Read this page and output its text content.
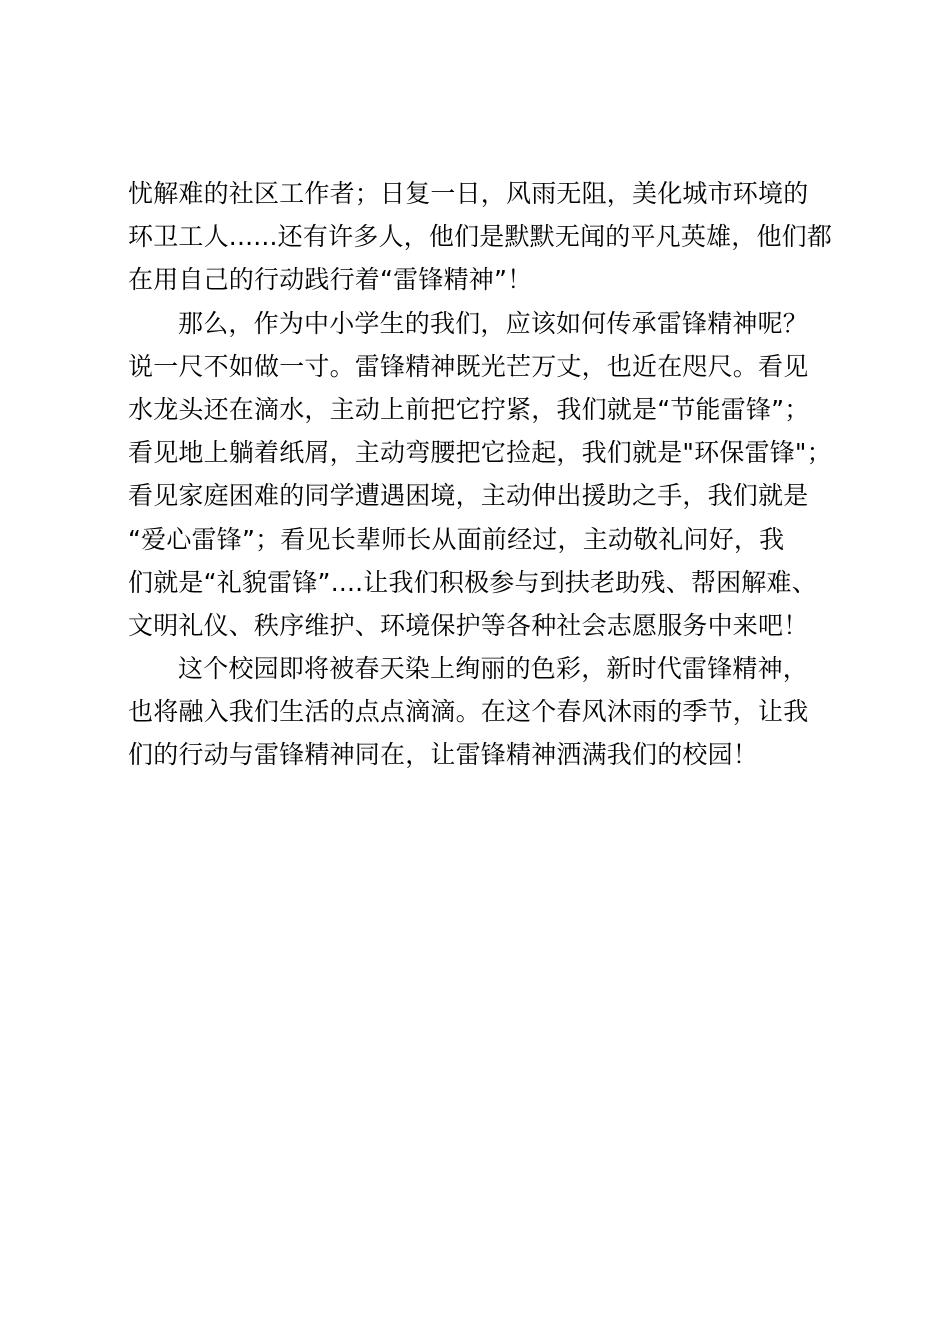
忧解难的社区工作者；日复一日，风雨无阻，美化城市环境的
环卫工人......还有许多人，他们是默默无闻的平凡英雄，他们都
在用自己的行动践行着“雷锋精神”！
那么，作为中小学生的我们，应该如何传承雷锋精神呢？
说一尺不如做一寸。雷锋精神既光芒万丈，也近在咫尺。看见
水龙头还在滴水，主动上前把它拧紧，我们就是“节能雷锋”；
看见地上躺着纸屑，主动弯腰把它捡起，我们就是"环保雷锋"；
看见家庭困难的同学遭遇困境，主动伸出援助之手，我们就是
“爱心雷锋”；看见长辈师长从面前经过，主动敬礼问好，我
们就是“礼貌雷锋”....让我们积极参与到扶老助残、帮困解难、
文明礼仪、秩序维护、环境保护等各种社会志愿服务中来吧！
这个校园即将被春天染上绚丽的色彩，新时代雷锋精神，
也将融入我们生活的点点滴滴。在这个春风沐雨的季节，让我
们的行动与雷锋精神同在，让雷锋精神洒满我们的校园！
